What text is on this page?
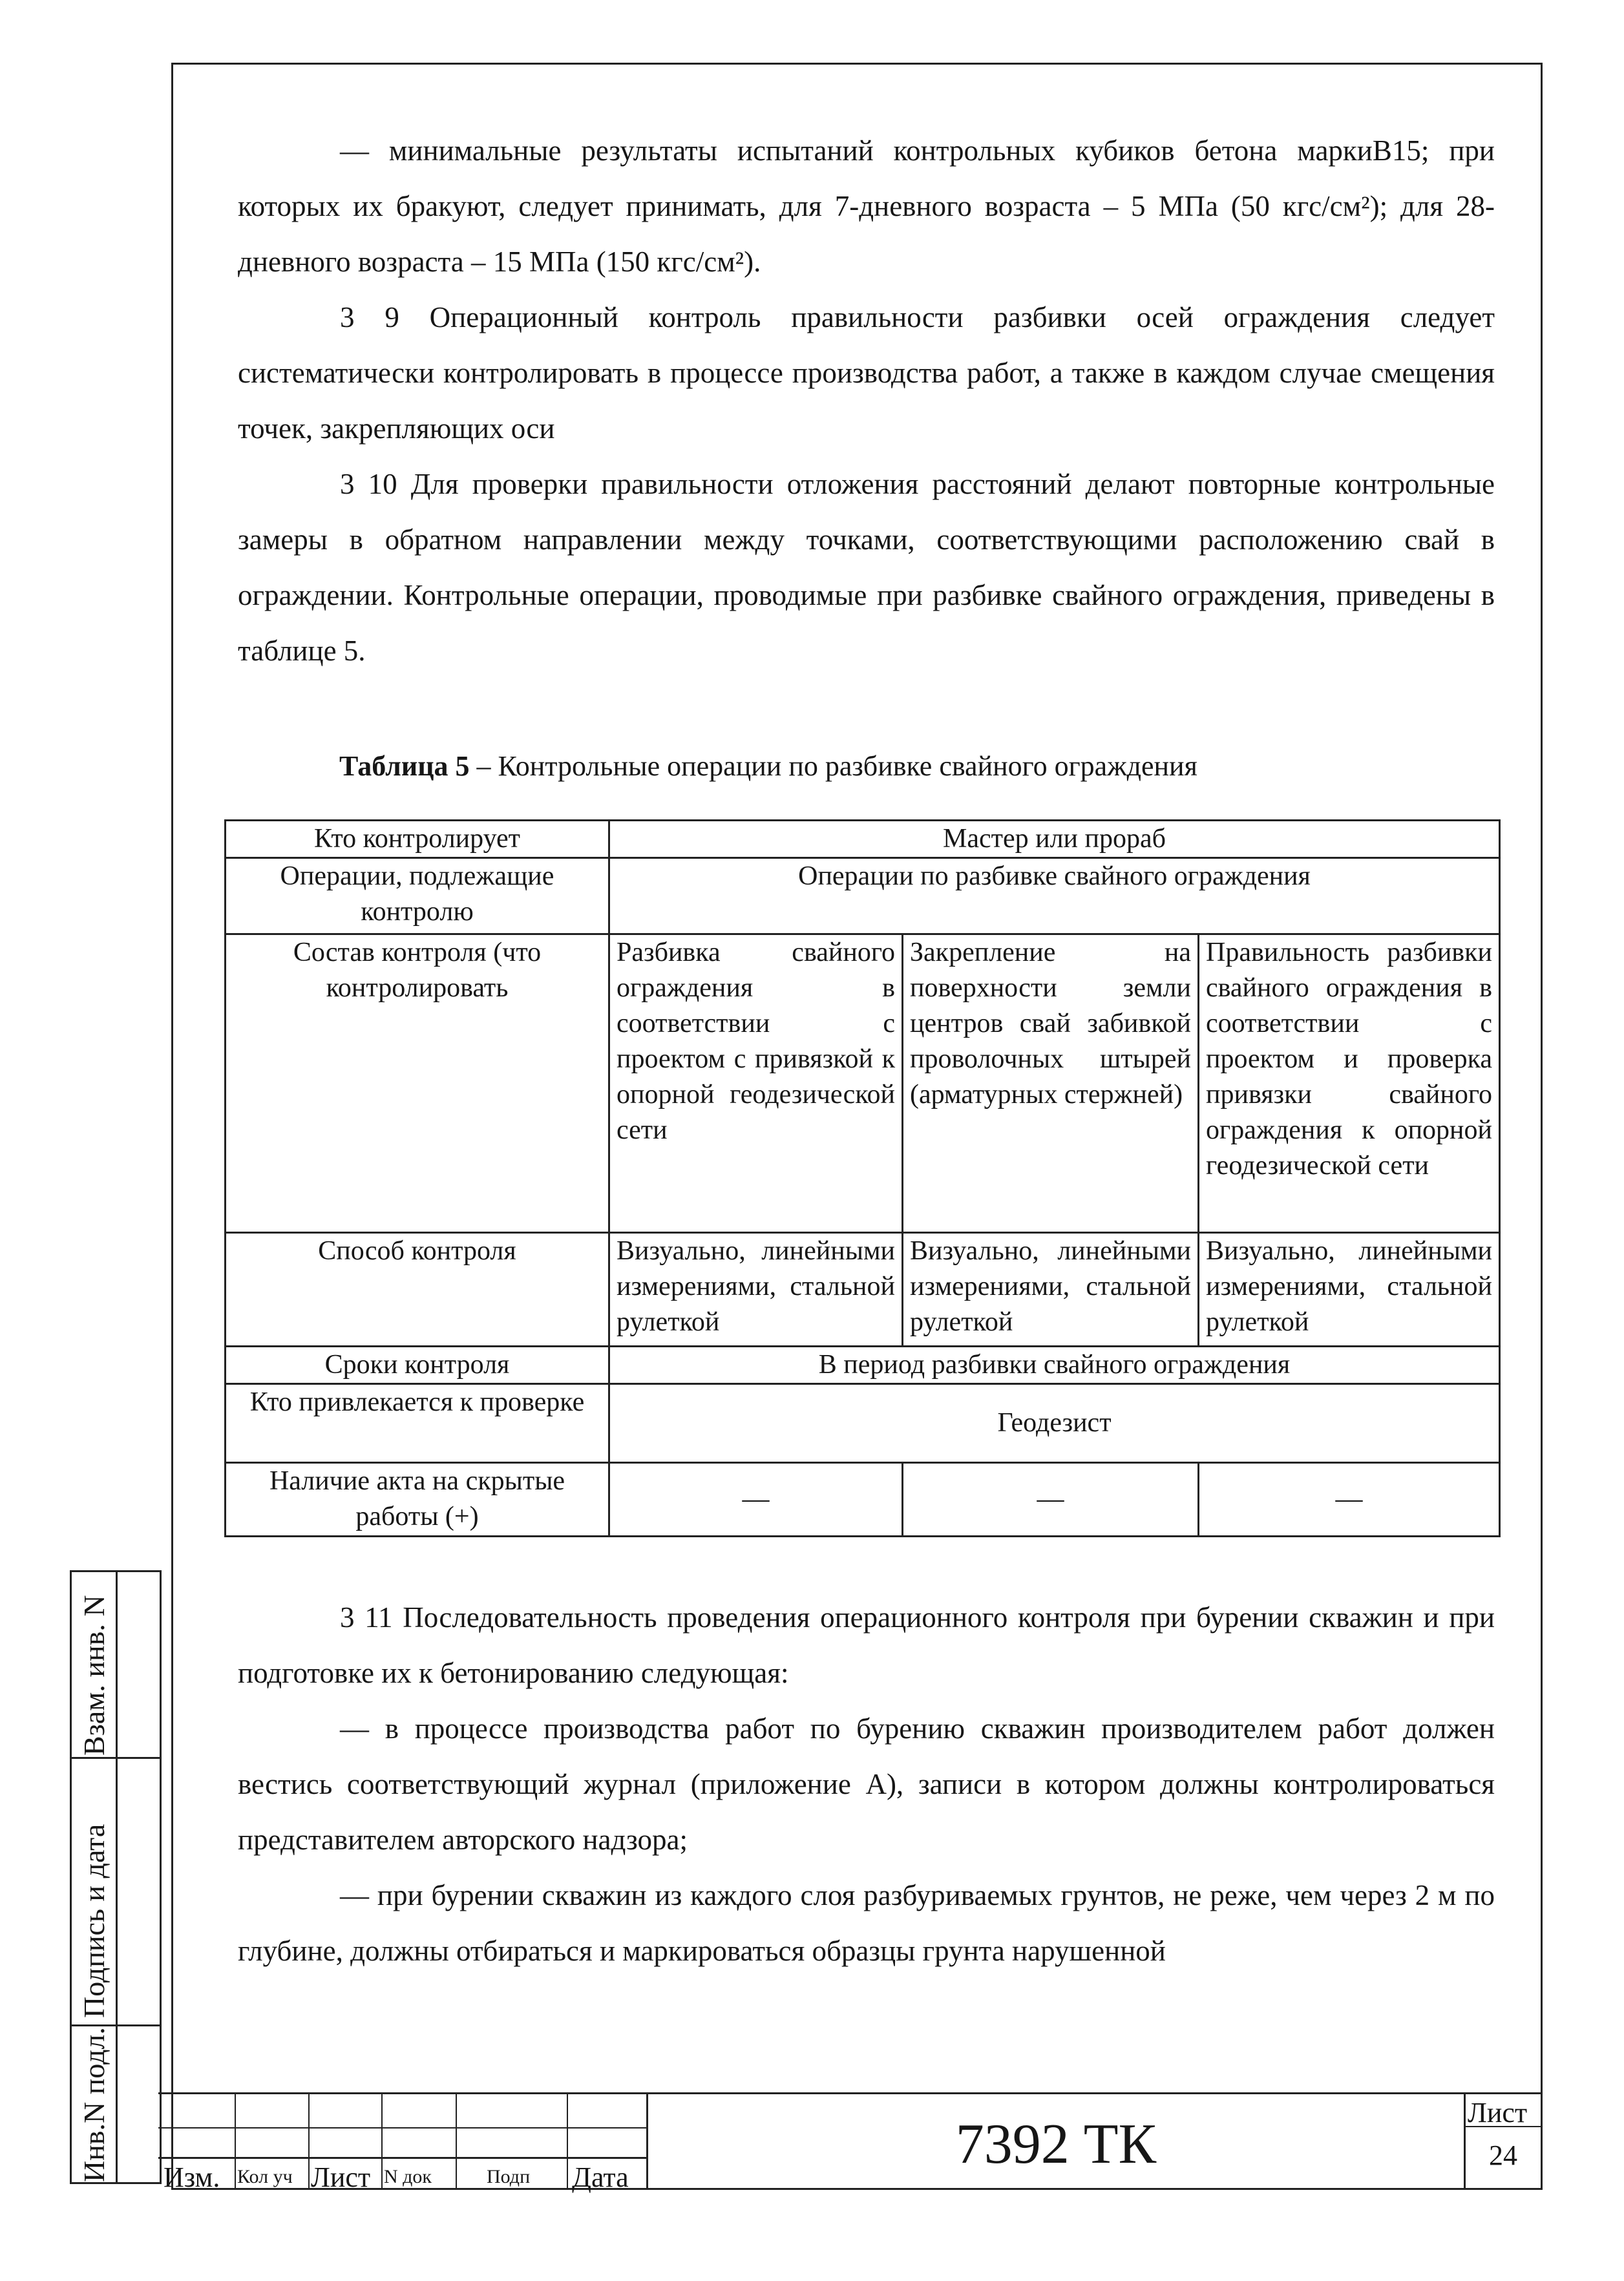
— минимальные результаты испытаний контрольных кубиков бетона маркиB15; при которых их бракуют, следует принимать, для 7-дневного возраста – 5 МПа (50 кгс/см²); для 28-дневного возраста – 15 МПа (150 кгс/см²).

3 9 Операционный контроль правильности разбивки осей ограждения следует систематически контролировать в процессе производства работ, а также в каждом случае смещения точек, закрепляющих оси

3 10 Для проверки правильности отложения расстояний делают повторные контрольные замеры в обратном направлении между точками, соответствующими расположению свай в ограждении. Контрольные операции, проводимые при разбивке свайного ограждения, приведены в таблице 5.

Таблица 5 – Контрольные операции по разбивке свайного ограждения
Кто контролирует	Мастер или прораб		
Операции, подлежащие контролю	Операции по разбивке свайного ограждения		
Состав контроля (что контролировать	Разбивка свайного ограждения в соответствии с проектом с привязкой к опорной геодезической сети	Закрепление на поверхности земли центров свай забивкой проволочных штырей (арматурных стержней)	Правильность разбивки свайного ограждения в соответствии с проектом и проверка привязки свайного ограждения к опорной геодезической сети
Способ контроля	Визуально, линейными измерениями, стальной рулеткой	Визуально, линейными измерениями, стальной рулеткой	Визуально, линейными измерениями, стальной рулеткой
Сроки контроля	В период разбивки свайного ограждения		
Кто привлекается к проверке	Геодезист		
Наличие акта на скрытые работы (+)	—	—	—

3 11 Последовательность проведения операционного контроля при бурении скважин и при подготовке их к бетонированию следующая:

— в процессе производства работ по бурению скважин производителем работ должен вестись соответствующий журнал (приложение А), записи в котором должны контролироваться представителем авторского надзора;

— при бурении скважин из каждого слоя разбуриваемых грунтов, не реже, чем через 2 м по глубине, должны отбираться и маркироваться образцы грунта нарушенной

Взам. инв. N
Подпись и дата
Инв.N подл. Изм. Кол уч Лист N док	Подп Дата
7392 ТК
Лист
24
